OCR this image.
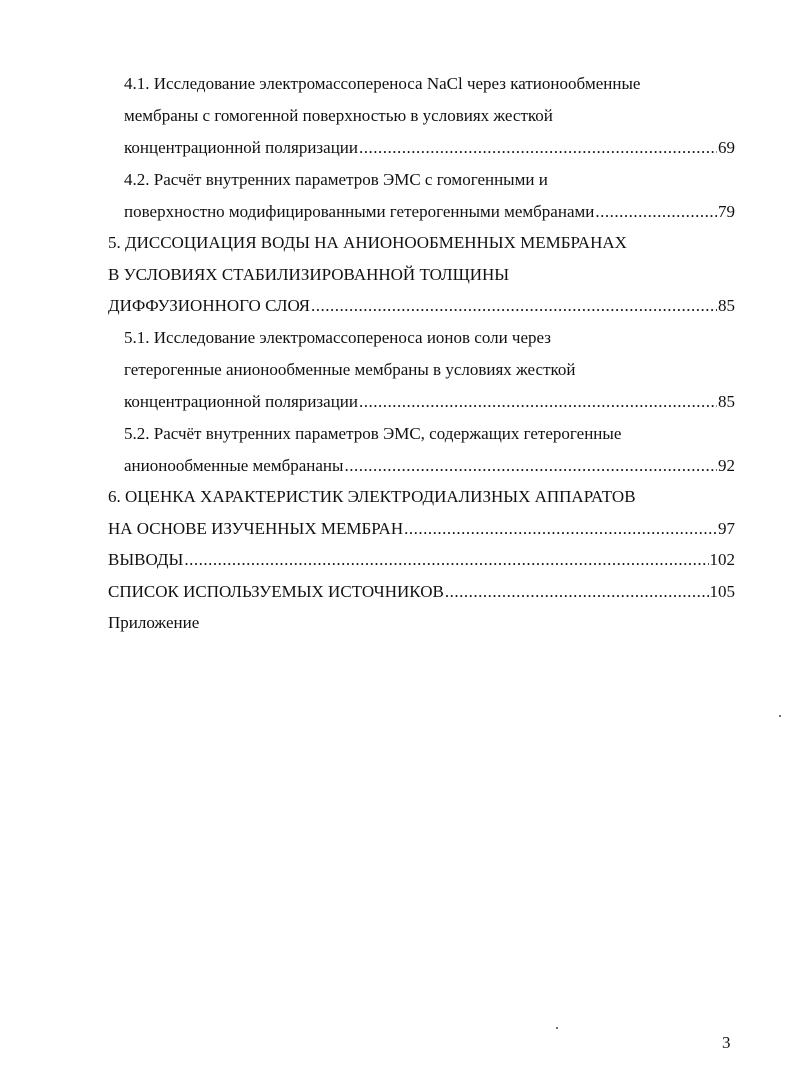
4.1. Исследование электромассопереноса NaCl через катионообменные
мембраны с гомогенной поверхностью в условиях жесткой
концентрационной поляризации .....	69
4.2. Расчёт внутренних параметров ЭМС с гомогенными и
поверхностно модифицированными гетерогенными мембранами .....	79
5. ДИССОЦИАЦИЯ ВОДЫ НА АНИОНООБМЕННЫХ МЕМБРАНАХ
В УСЛОВИЯХ СТАБИЛИЗИРОВАННОЙ ТОЛЩИНЫ
ДИФФУЗИОННОГО СЛОЯ .....	85
5.1. Исследование электромассопереноса ионов соли через
гетерогенные анионообменные мембраны в условиях жесткой
концентрационной поляризации .....	85
5.2. Расчёт внутренних параметров ЭМС, содержащих гетерогенные
анионообменные мембрананы .....	92
6. ОЦЕНКА ХАРАКТЕРИСТИК ЭЛЕКТРОДИАЛИЗНЫХ АППАРАТОВ
НА ОСНОВЕ ИЗУЧЕННЫХ МЕМБРАН .....	97
ВЫВОДЫ .....	102
СПИСОК ИСПОЛЬЗУЕМЫХ ИСТОЧНИКОВ .....	105
Приложение
3
